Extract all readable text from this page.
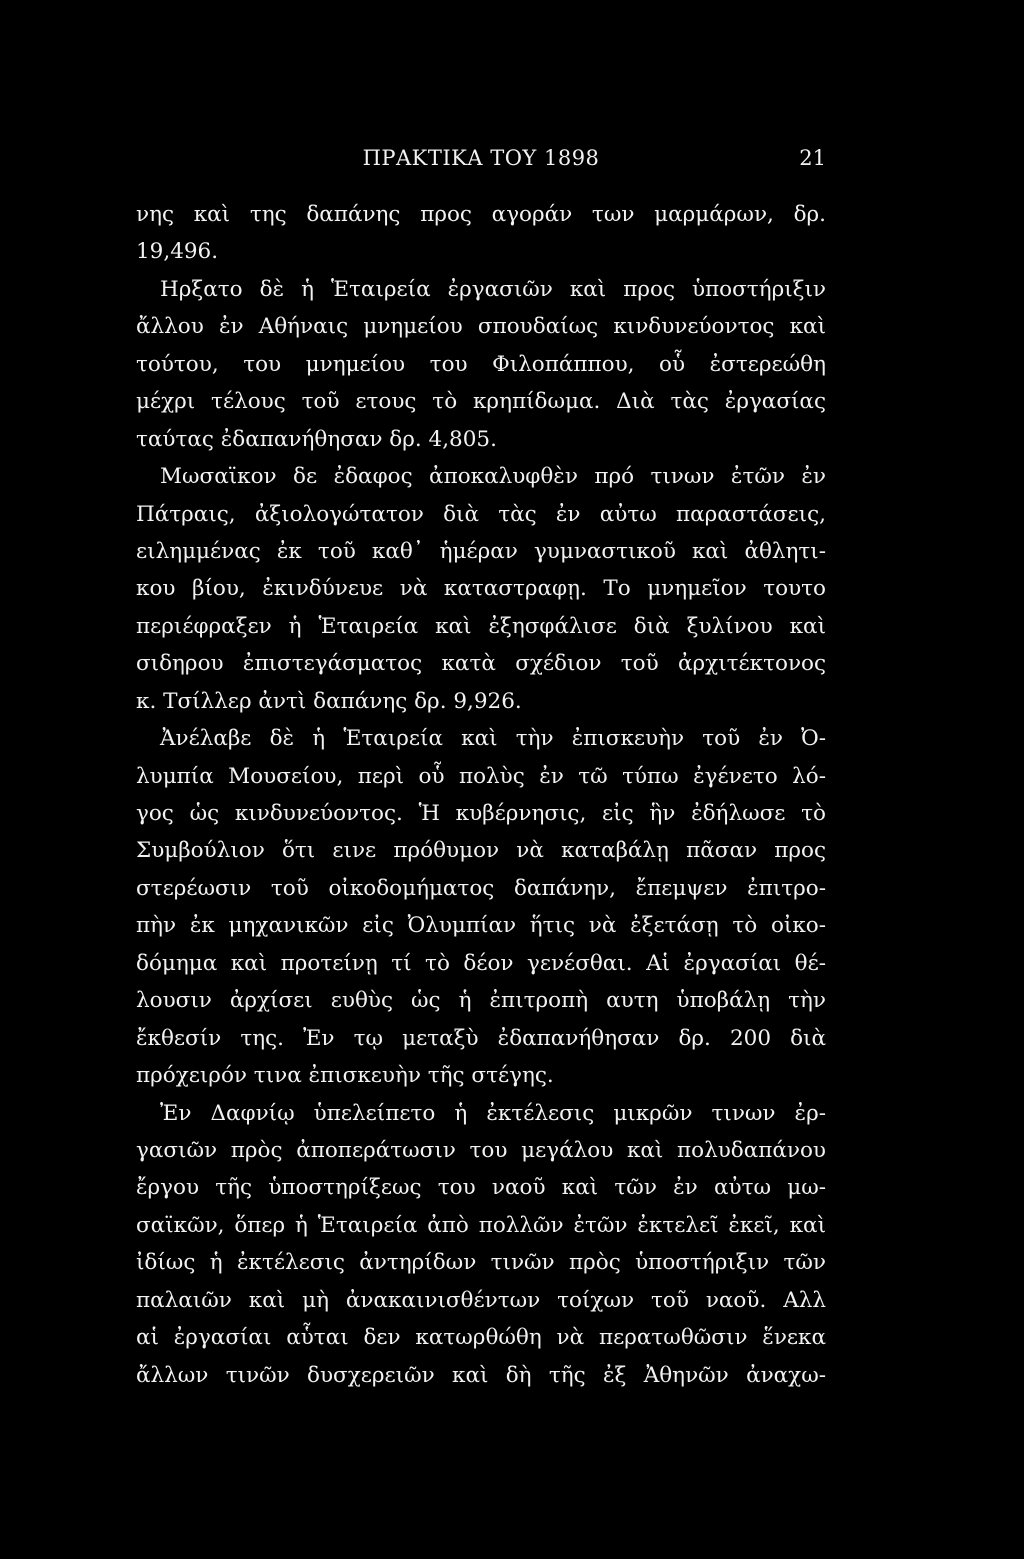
ΠΡΑΚΤΙΚΑ ΤΟΥ 1898	21
νης καὶ της δαπάνης προς αγοράν των μαρμάρων, δρ.
19,496.
Ηρξατο δὲ ἡ Ἑταιρεία ἐργασιῶν καὶ προς ὑποστήριξιν
ἄλλου ἐν Αθήναις μνημείου σπουδαίως κινδυνεύοντος καὶ
τούτου, του μνημείου του Φιλοπάππου, οὗ ἐστερεώθη
μέχρι τέλους τοῦ ετους τὸ κρηπίδωμα. Διὰ τὰς ἐργασίας
ταύτας ἐδαπανήθησαν δρ. 4,805.
Μωσαϊκον δε ἐδαφος ἀποκαλυφθὲν πρό τινων ἐτῶν ἐν
Πάτραις, ἀξιολογώτατον διὰ τὰς ἐν αὐτω παραστάσεις,
ειλημμένας ἐκ τοῦ καθ᾽ ἡμέραν γυμναστικοῦ καὶ ἀθλητι-
κου βίου, ἐκινδύνευε νὰ καταστραφῃ. Το μνημεῖον τουτο
περιέφραξεν ἡ Ἑταιρεία καὶ ἐξησφάλισε διὰ ξυλίνου καὶ
σιδηρου ἐπιστεγάσματος κατὰ σχέδιον τοῦ ἀρχιτέκτονος
κ. Τσίλλερ ἀντὶ δαπάνης δρ. 9,926.
Ἀνέλαβε δὲ ἡ Ἑταιρεία καὶ τὴν ἐπισκευὴν τοῦ ἐν Ὀ-
λυμπία Μουσείου, περὶ οὗ πολὺς ἐν τῶ τύπω ἐγένετο λό-
γος ὡς κινδυνεύοντος. Ἡ κυβέρνησις, εἰς ἣν ἐδήλωσε τὸ
Συμβούλιον ὅτι εινε πρόθυμον νὰ καταβάλῃ πᾶσαν προς
στερέωσιν τοῦ οἰκοδομήματος δαπάνην, ἔπεμψεν ἐπιτρο-
πὴν ἐκ μηχανικῶν εἰς Ὀλυμπίαν ἥτις νὰ ἐξετάσῃ τὸ οἰκο-
δόμημα καὶ προτείνῃ τί τὸ δέον γενέσθαι. Αἱ ἐργασίαι θέ-
λουσιν ἀρχίσει ευθὺς ὡς ἡ ἐπιτροπὴ αυτη ὑποβάλῃ τὴν
ἔκθεσίν της. Ἐν τῳ μεταξὺ ἐδαπανήθησαν δρ. 200 διὰ
πρόχειρόν τινα ἐπισκευὴν τῆς στέγης.
Ἐν Δαφνίῳ ὑπελείπετο ἡ ἐκτέλεσις μικρῶν τινων ἐρ-
γασιῶν πρὸς ἀποπεράτωσιν του μεγάλου καὶ πολυδαπάνου
ἔργου τῆς ὑποστηρίξεως του ναοῦ καὶ τῶν ἐν αὐτω μω-
σαϊκῶν, ὅπερ ἡ Ἑταιρεία ἀπὸ πολλῶν ἐτῶν ἐκτελεῖ ἐκεῖ, καὶ
ἰδίως ἡ ἐκτέλεσις ἀντηρίδων τινῶν πρὸς ὑποστήριξιν τῶν
παλαιῶν καὶ μὴ ἀνακαινισθέντων τοίχων τοῦ ναοῦ. Αλλ
αἱ ἐργασίαι αὗται δεν κατωρθώθη νὰ περατωθῶσιν ἕνεκα
ἄλλων τινῶν δυσχερειῶν καὶ δὴ τῆς ἐξ Ἀθηνῶν ἀναχω-
